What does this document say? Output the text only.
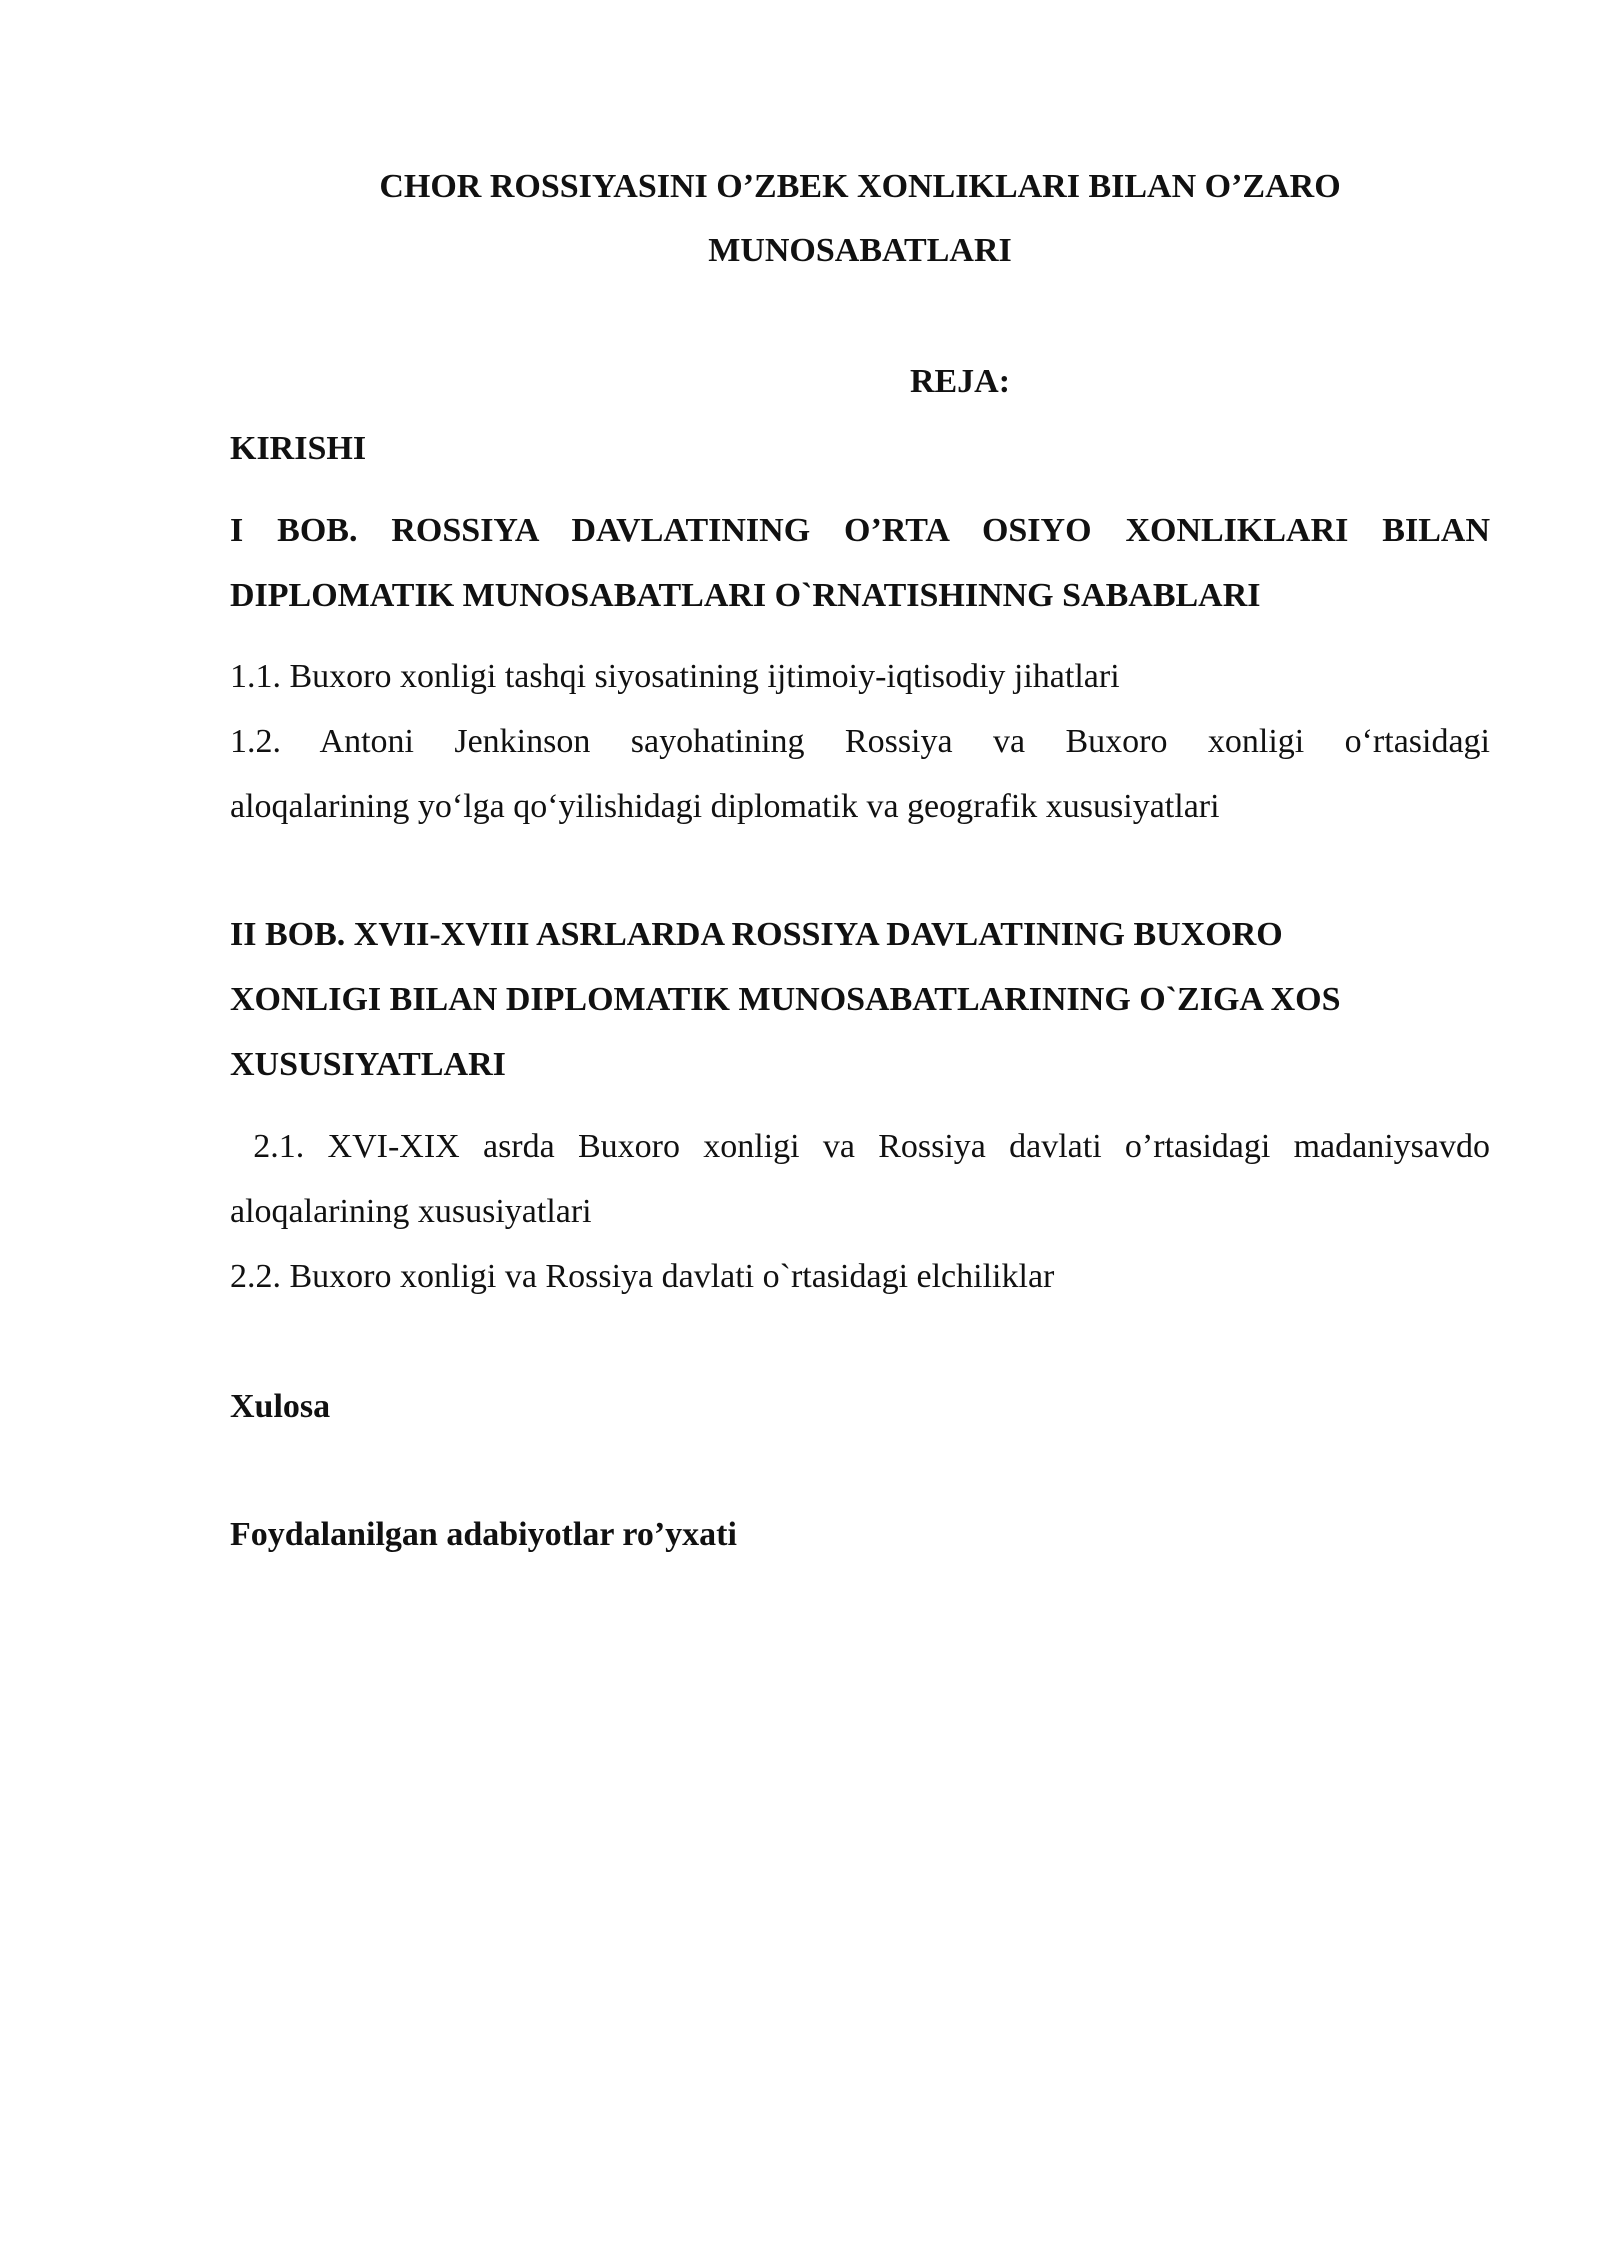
CHOR ROSSIYASINI O’ZBEK XONLIKLARI BILAN O’ZARO
MUNOSABATLARI
REJA:
KIRISHI
I BOB. ROSSIYA DAVLATINING O’RTA OSIYO XONLIKLARI BILAN
DIPLOMATIK MUNOSABATLARI O`RNATISHINNG SABABLARI
1.1. Buxoro xonligi tashqi siyosatining ijtimoiy-iqtisodiy jihatlari
1.2. Antoni Jenkinson sayohatining Rossiya va Buxoro xonligi o‘rtasidagi
aloqalarining yo‘lga qo‘yilishidagi diplomatik va geografik xususiyatlari
II BOB. XVII-XVIII ASRLARDA ROSSIYA DAVLATINING BUXORO
XONLIGI BILAN DIPLOMATIK MUNOSABATLARINING O`ZIGA XOS
XUSUSIYATLARI
2.1. XVI-XIX asrda Buxoro xonligi va Rossiya davlati o’rtasidagi madaniysavdo
aloqalarining xususiyatlari
2.2. Buxoro xonligi va Rossiya davlati o`rtasidagi elchiliklar
Xulosa
Foydalanilgan adabiyotlar ro’yxati
